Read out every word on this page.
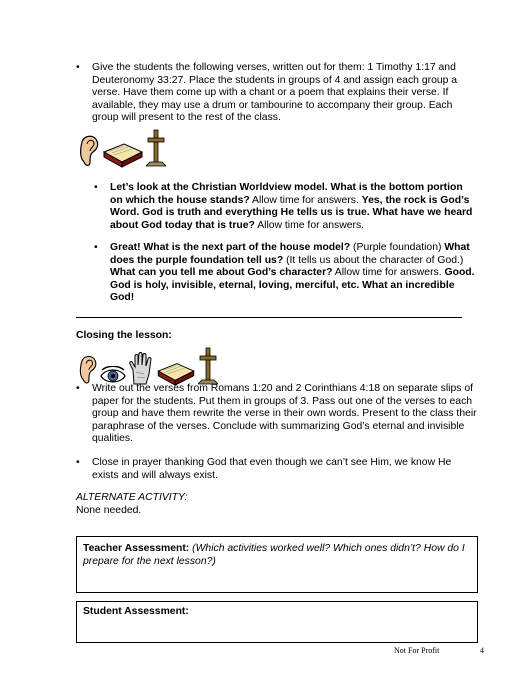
• Give the students the following verses, written out for them: 1 Timothy 1:17 and Deuteronomy 33:27. Place the students in groups of 4 and assign each group a verse. Have them come up with a chant or a poem that explains their verse. If available, they may use a drum or tambourine to accompany their group. Each group will present to the rest of the class.
• Let’s look at the Christian Worldview model. What is the bottom portion on which the house stands? Allow time for answers. Yes, the rock is God’s Word. God is truth and everything He tells us is true. What have we heard about God today that is true? Allow time for answers.
• Great! What is the next part of the house model? (Purple foundation) What does the purple foundation tell us? (It tells us about the character of God.) What can you tell me about God’s character? Allow time for answers. Good. God is holy, invisible, eternal, loving, merciful, etc. What an incredible God!
Closing the lesson:
• Write out the verses from Romans 1:20 and 2 Corinthians 4:18 on separate slips of paper for the students. Put them in groups of 3. Pass out one of the verses to each group and have them rewrite the verse in their own words. Present to the class their paraphrase of the verses. Conclude with summarizing God’s eternal and invisible qualities.
• Close in prayer thanking God that even though we can’t see Him, we know He exists and will always exist.
ALTERNATE ACTIVITY:
None needed.
Teacher Assessment: (Which activities worked well? Which ones didn’t? How do I prepare for the next lesson?)
Student Assessment:
Not For Profit	4
